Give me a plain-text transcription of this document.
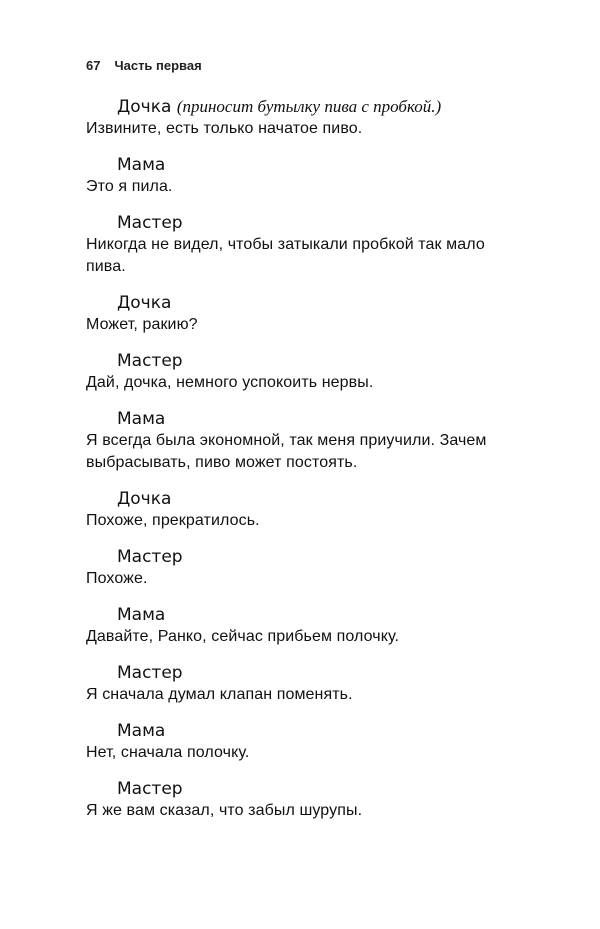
67 Часть первая
Дочка (приносит бутылку пива с пробкой.)
Извините, есть только начатое пиво.
Мама
Это я пила.
Мастер
Никогда не видел, чтобы затыкали пробкой так мало пива.
Дочка
Может, ракию?
Мастер
Дай, дочка, немного успокоить нервы.
Мама
Я всегда была экономной, так меня приучили. Зачем
выбрасывать, пиво может постоять.
Дочка
Похоже, прекратилось.
Мастер
Похоже.
Мама
Давайте, Ранко, сейчас прибьем полочку.
Мастер
Я сначала думал клапан поменять.
Мама
Нет, сначала полочку.
Мастер
Я же вам сказал, что забыл шурупы.
